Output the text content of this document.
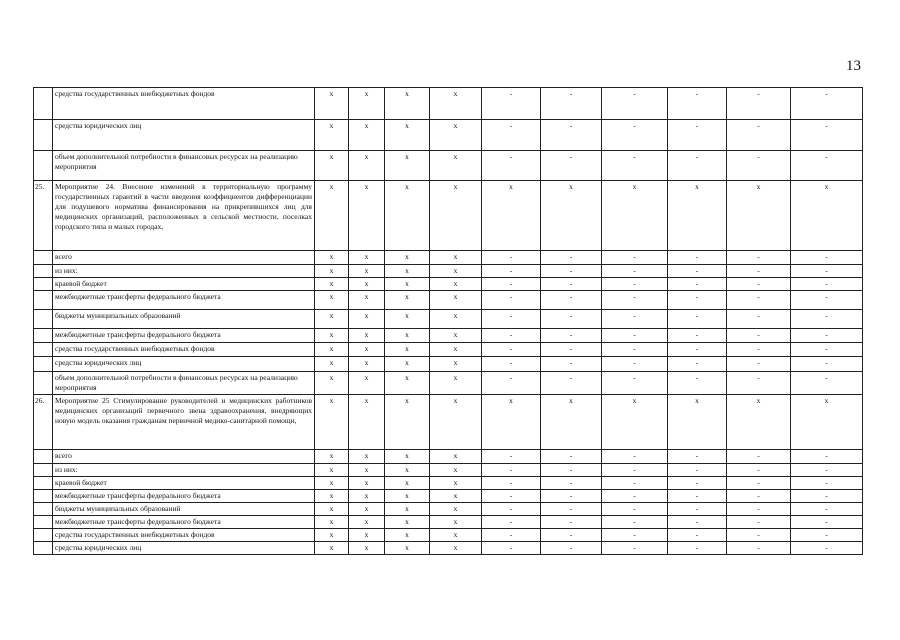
13
	средства государственных внебюджетных фондов	х	х	х	х	-	-	-	-	-	-
	средства юридических лиц	х	х	х	х	-	-	-	-	-	-
	объем дополнительной потребности в финансовых ресурсах на реализацию мероприятия	х	х	х	х	-	-	-	-	-	-
25.	Мероприятие 24. Внесение изменений в территориальную программу государственных гарантий в части введения коэффициентов дифференциации для подушевого норматива финансирования на прикрепившихся лиц для медицинских организаций, расположенных в сельской местности, поселках городского типа и малых городах,	х	х	х	х	х	х	х	х	х	х
	всего	х	х	х	х	-	-	-	-	-	-
	из них:	х	х	х	х	-	-	-	-	-	-
	краевой бюджет	х	х	х	х	-	-	-	-	-	-
	межбюджетные трансферты федерального бюджета	х	х	х	х	-	-	-	-	-	-
	бюджеты муниципальных образований	х	х	х	х	-	-	-	-	-	-
	межбюджетные трансферты федерального бюджета	х	х	х	х	-	-	-	-	-	-
	средства государственных внебюджетных фондов	х	х	х	х	-	-	-	-	-	-
	средства юридических лиц	х	х	х	х	-	-	-	-	-	-
	объем дополнительной потребности в финансовых ресурсах на реализацию мероприятия	х	х	х	х	-	-	-	-	-	-
26.	Мероприятие 25 Стимулирование руководителей и медицинских работников медицинских организаций первичного звена здравоохранения, внедряющих новую модель оказания гражданам первичной медико-санитарной помощи,	х	х	х	х	х	х	х	х	х	х
	всего	х	х	х	х	-	-	-	-	-	-
	из них:	х	х	х	х	-	-	-	-	-	-
	краевой бюджет	х	х	х	х	-	-	-	-	-	-
	межбюджетные трансферты федерального бюджета	х	х	х	х	-	-	-	-	-	-
	бюджеты муниципальных образований	х	х	х	х	-	-	-	-	-	-
	межбюджетные трансферты федерального бюджета	х	х	х	х	-	-	-	-	-	-
	средства государственных внебюджетных фондов	х	х	х	х	-	-	-	-	-	-
	средства юридических лиц	х	х	х	х	-	-	-	-	-	-
